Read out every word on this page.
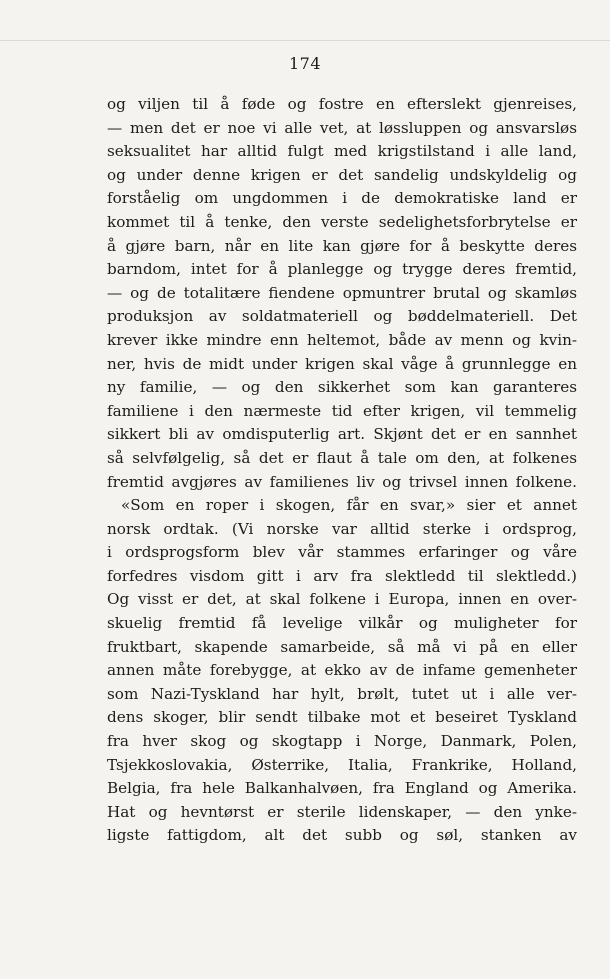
174
og viljen til å føde og fostre en efterslekt gjenreises,
— men det er noe vi alle vet, at løssluppen og ansvarsløs
seksualitet har alltid fulgt med krigstilstand i alle land,
og under denne krigen er det sandelig undskyldelig og
forståelig om ungdommen i de demokratiske land er
kommet til å tenke, den verste sedelighetsforbrytelse er
å gjøre barn, når en lite kan gjøre for å beskytte deres
barndom, intet for å planlegge og trygge deres fremtid,
— og de totalitære fiendene opmuntrer brutal og skamløs
produksjon av soldatmateriell og bøddelmateriell. Det
krever ikke mindre enn heltemot, både av menn og kvin-
ner, hvis de midt under krigen skal våge å grunnlegge en
ny familie, — og den sikkerhet som kan garanteres
familiene i den nærmeste tid efter krigen, vil temmelig
sikkert bli av omdisputerlig art. Skjønt det er en sannhet
så selvfølgelig, så det er flaut å tale om den, at folkenes
fremtid avgjøres av familienes liv og trivsel innen folkene.
«Som en roper i skogen, får en svar,» sier et annet
norsk ordtak. (Vi norske var alltid sterke i ordsprog,
i ordsprogsform blev vår stammes erfaringer og våre
forfedres visdom gitt i arv fra slektledd til slektledd.)
Og visst er det, at skal folkene i Europa, innen en over-
skuelig fremtid få levelige vilkår og muligheter for
fruktbart, skapende samarbeide, så må vi på en eller
annen måte forebygge, at ekko av de infame gemenheter
som Nazi-Tyskland har hylt, brølt, tutet ut i alle ver-
dens skoger, blir sendt tilbake mot et beseiret Tyskland
fra hver skog og skogtapp i Norge, Danmark, Polen,
Tsjekkoslovakia, Østerrike, Italia, Frankrike, Holland,
Belgia, fra hele Balkanhalvøen, fra England og Amerika.
Hat og hevntørst er sterile lidenskaper, — den ynke-
ligste fattigdom, alt det subb og søl, stanken av
